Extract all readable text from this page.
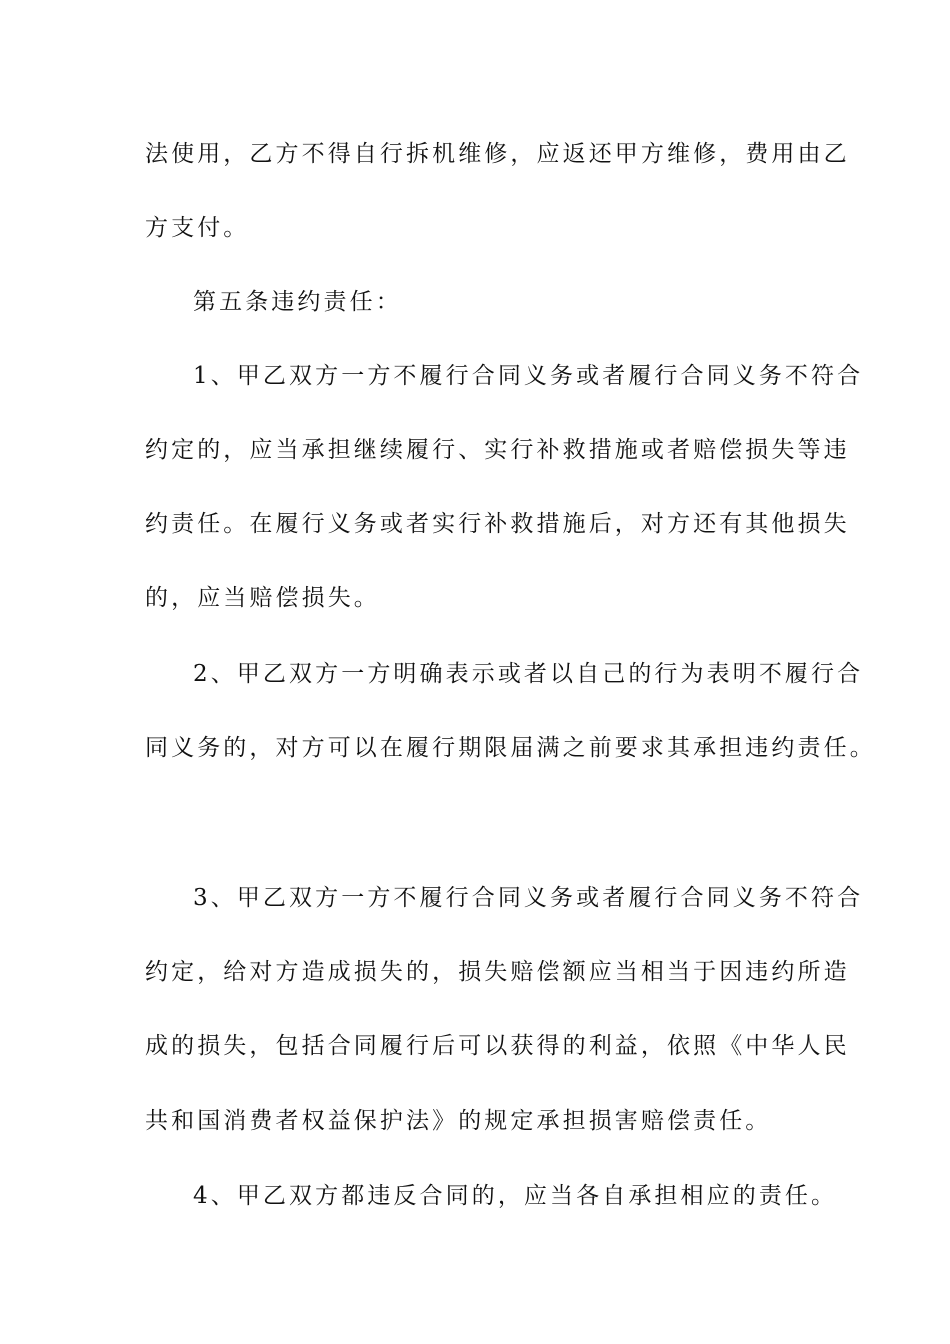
法使用，乙方不得自行拆机维修，应返还甲方维修，费用由乙
方支付。
第五条违约责任：
1、甲乙双方一方不履行合同义务或者履行合同义务不符合
约定的，应当承担继续履行、实行补救措施或者赔偿损失等违
约责任。在履行义务或者实行补救措施后，对方还有其他损失
的，应当赔偿损失。
2、甲乙双方一方明确表示或者以自己的行为表明不履行合
同义务的，对方可以在履行期限届满之前要求其承担违约责任。
3、甲乙双方一方不履行合同义务或者履行合同义务不符合
约定，给对方造成损失的，损失赔偿额应当相当于因违约所造
成的损失，包括合同履行后可以获得的利益，依照《中华人民
共和国消费者权益保护法》的规定承担损害赔偿责任。
4、甲乙双方都违反合同的，应当各自承担相应的责任。
